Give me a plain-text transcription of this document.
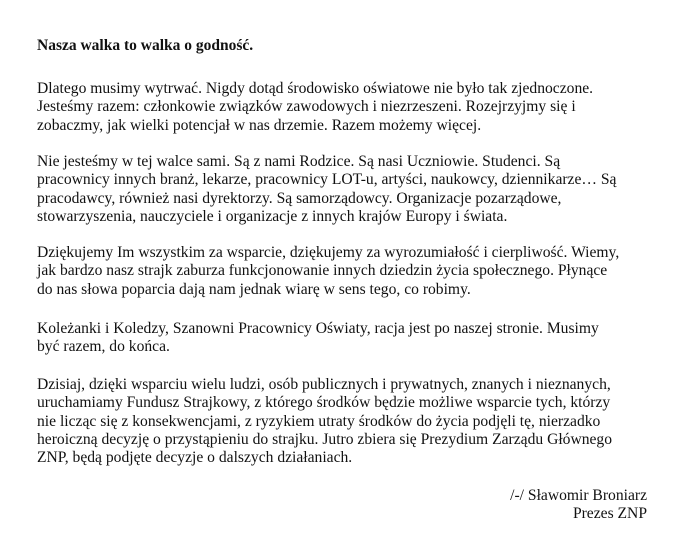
Nasza walka to walka o godność.

Dlatego musimy wytrwać. Nigdy dotąd środowisko oświatowe nie było tak zjednoczone.
Jesteśmy razem: członkowie związków zawodowych i niezrzeszeni. Rozejrzyjmy się i
zobaczmy, jak wielki potencjał w nas drzemie. Razem możemy więcej.

Nie jesteśmy w tej walce sami. Są z nami Rodzice. Są nasi Uczniowie. Studenci. Są
pracownicy innych branż, lekarze, pracownicy LOT-u, artyści, naukowcy, dziennikarze… Są
pracodawcy, również nasi dyrektorzy. Są samorządowcy. Organizacje pozarządowe,
stowarzyszenia, nauczyciele i organizacje z innych krajów Europy i świata.

Dziękujemy Im wszystkim za wsparcie, dziękujemy za wyrozumiałość i cierpliwość. Wiemy,
jak bardzo nasz strajk zaburza funkcjonowanie innych dziedzin życia społecznego. Płynące
do nas słowa poparcia dają nam jednak wiarę w sens tego, co robimy.

Koleżanki i Koledzy, Szanowni Pracownicy Oświaty, racja jest po naszej stronie. Musimy
być razem, do końca.

Dzisiaj, dzięki wsparciu wielu ludzi, osób publicznych i prywatnych, znanych i nieznanych,
uruchamiamy Fundusz Strajkowy, z którego środków będzie możliwe wsparcie tych, którzy
nie licząc się z konsekwencjami, z ryzykiem utraty środków do życia podjęli tę, nierzadko
heroiczną decyzję o przystąpieniu do strajku. Jutro zbiera się Prezydium Zarządu Głównego
ZNP, będą podjęte decyzje o dalszych działaniach.

/-/ Sławomir Broniarz
Prezes ZNP
